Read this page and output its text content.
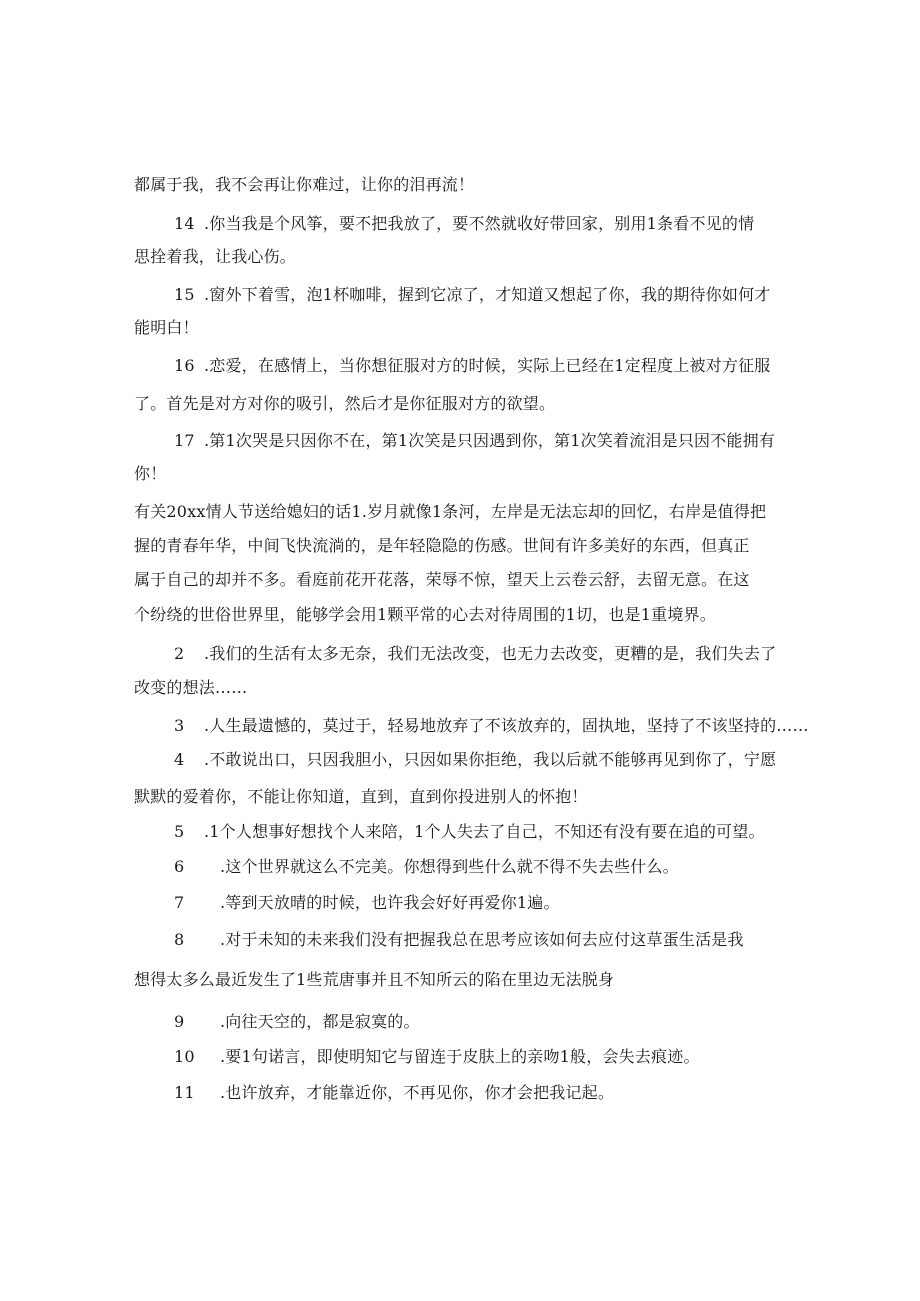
都属于我，我不会再让你难过，让你的泪再流！
14 .你当我是个风筝，要不把我放了，要不然就收好带回家，别用1条看不见的情
思拴着我，让我心伤。
15 .窗外下着雪，泡1杯咖啡，握到它凉了，才知道又想起了你，我的期待你如何才
能明白！
16 .恋爱，在感情上，当你想征服对方的时候，实际上已经在1定程度上被对方征服
了。首先是对方对你的吸引，然后才是你征服对方的欲望。
17 .第1次哭是只因你不在，第1次笑是只因遇到你，第1次笑着流泪是只因不能拥有
你！
有关20xx情人节送给媳妇的话1.岁月就像1条河，左岸是无法忘却的回忆，右岸是值得把
握的青春年华，中间飞快流淌的，是年轻隐隐的伤感。世间有许多美好的东西，但真正
属于自己的却并不多。看庭前花开花落，荣辱不惊，望天上云卷云舒，去留无意。在这
个纷绕的世俗世界里，能够学会用1颗平常的心去对待周围的1切，也是1重境界。
2 .我们的生活有太多无奈，我们无法改变，也无力去改变，更糟的是，我们失去了
改变的想法……
3 .人生最遗憾的，莫过于，轻易地放弃了不该放弃的，固执地，坚持了不该坚持的……
4 .不敢说出口，只因我胆小，只因如果你拒绝，我以后就不能够再见到你了，宁愿
默默的爱着你，不能让你知道，直到，直到你投进别人的怀抱！
5 .1个人想事好想找个人来陪，1个人失去了自己，不知还有没有要在追的可望。
6 .这个世界就这么不完美。你想得到些什么就不得不失去些什么。
7 .等到天放晴的时候，也许我会好好再爱你1遍。
8 .对于未知的未来我们没有把握我总在思考应该如何去应付这草蛋生活是我
想得太多么最近发生了1些荒唐事并且不知所云的陷在里边无法脱身
9 .向往天空的，都是寂寞的。
10 .要1句诺言，即使明知它与留连于皮肤上的亲吻1般，会失去痕迹。
11 .也许放弃，才能靠近你，不再见你，你才会把我记起。
